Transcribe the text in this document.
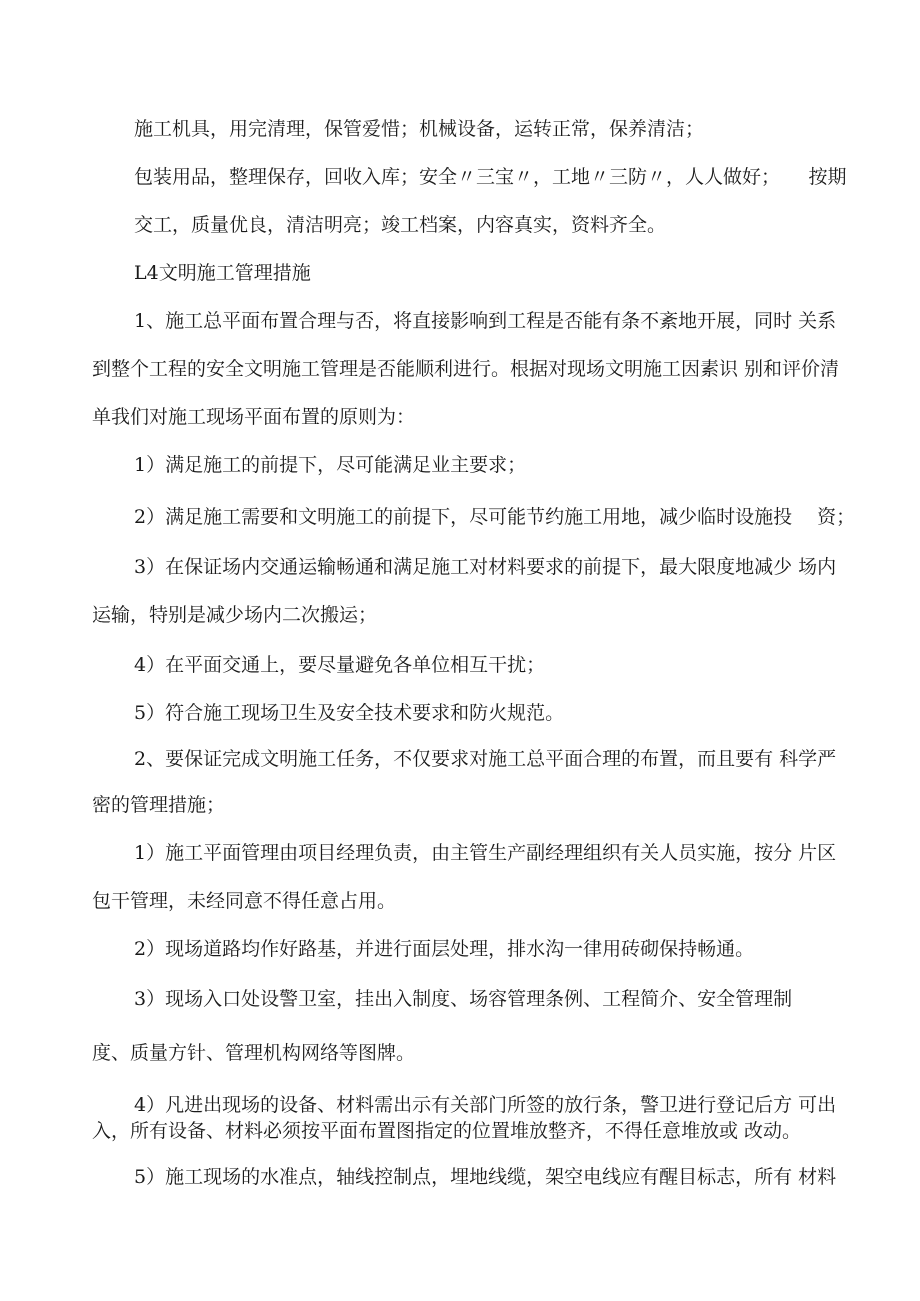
施工机具，用完清理，保管爱惜；机械设备，运转正常，保养清洁；
包装用品，整理保存，回收入库；安全〃三宝〃，工地〃三防〃，人人做好；　　按期
交工，质量优良，清洁明亮；竣工档案，内容真实，资料齐全。
L4文明施工管理措施
1、施工总平面布置合理与否，将直接影响到工程是否能有条不紊地开展，同时 关系
到整个工程的安全文明施工管理是否能顺利进行。根据对现场文明施工因素识 别和评价清
单我们对施工现场平面布置的原则为：
1）满足施工的前提下，尽可能满足业主要求；
2）满足施工需要和文明施工的前提下，尽可能节约施工用地，减少临时设施投　 资；
3）在保证场内交通运输畅通和满足施工对材料要求的前提下，最大限度地减少 场内
运输，特别是减少场内二次搬运；
4）在平面交通上，要尽量避免各单位相互干扰；
5）符合施工现场卫生及安全技术要求和防火规范。
2、要保证完成文明施工任务，不仅要求对施工总平面合理的布置，而且要有 科学严
密的管理措施；
1）施工平面管理由项目经理负责，由主管生产副经理组织有关人员实施，按分 片区
包干管理，未经同意不得任意占用。
2）现场道路均作好路基，并进行面层处理，排水沟一律用砖砌保持畅通。
3）现场入口处设警卫室，挂出入制度、场容管理条例、工程简介、安全管理制
度、质量方针、管理机构网络等图牌。
4）凡进出现场的设备、材料需出示有关部门所签的放行条，警卫进行登记后方 可出
入，所有设备、材料必须按平面布置图指定的位置堆放整齐，不得任意堆放或 改动。
5）施工现场的水准点，轴线控制点，埋地线缆，架空电线应有醒目标志，所有 材料
